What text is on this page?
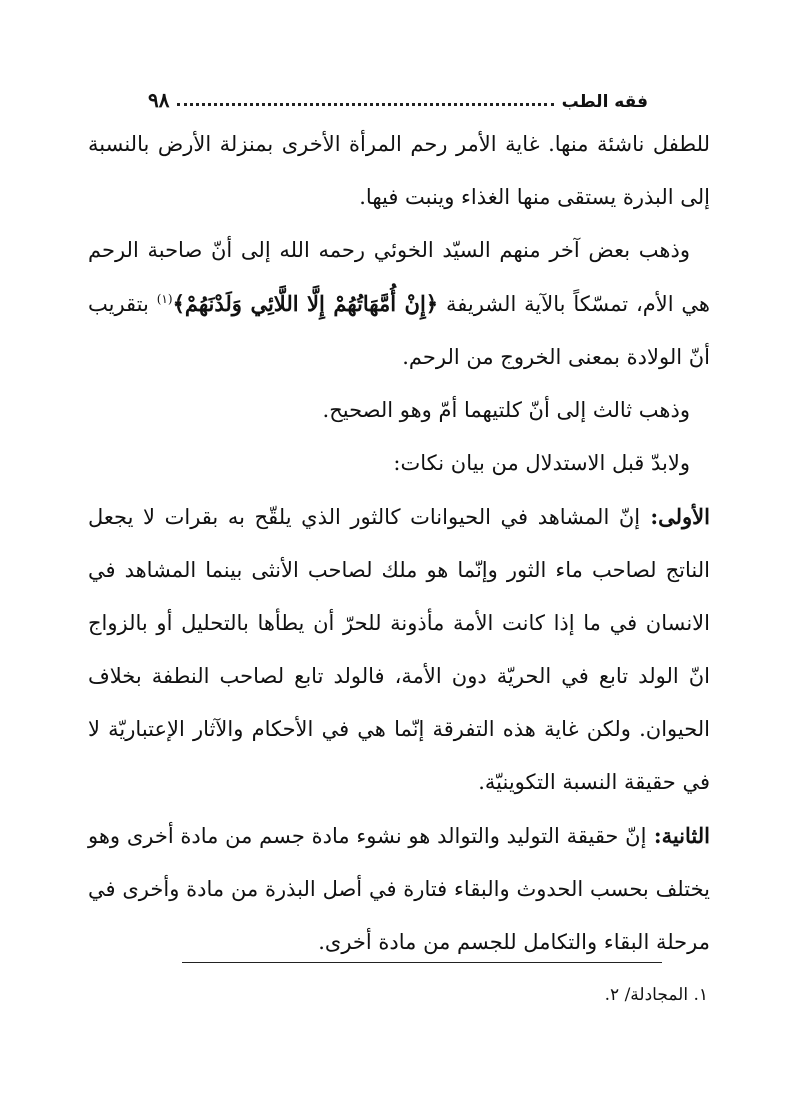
فقه الطب
٩٨

للطفل ناشئة منها. غاية الأمر رحم المرأة الأخرى بمنزلة الأرض بالنسبة إلى البذرة يستقى منها الغذاء وينبت فيها.

وذهب بعض آخر منهم السيّد الخوئي رحمه الله إلى أنّ صاحبة الرحم هي الأم، تمسّكاً بالآية الشريفة ﴿إِنْ أُمَّهَاتُهُمْ إِلَّا اللَّائِي وَلَدْنَهُمْ﴾$^{(١)}$ بتقريب أنّ الولادة بمعنى الخروج من الرحم.

وذهب ثالث إلى أنّ كلتيهما أمّ وهو الصحيح.

ولابدّ قبل الاستدلال من بيان نكات:

الأولى: إنّ المشاهد في الحيوانات كالثور الذي يلقّح به بقرات لا يجعل الناتج لصاحب ماء الثور وإنّما هو ملك لصاحب الأنثى بينما المشاهد في الانسان في ما إذا كانت الأمة مأذونة للحرّ أن يطأها بالتحليل أو بالزواج انّ الولد تابع في الحريّة دون الأمة، فالولد تابع لصاحب النطفة بخلاف الحيوان. ولكن غاية هذه التفرقة إنّما هي في الأحكام والآثار الإعتباريّة لا في حقيقة النسبة التكوينيّة.

الثانية: إنّ حقيقة التوليد والتوالد هو نشوء مادة جسم من مادة أخرى وهو يختلف بحسب الحدوث والبقاء فتارة في أصل البذرة من مادة وأخرى في مرحلة البقاء والتكامل للجسم من مادة أخرى.

١. المجادلة/ ٢.
